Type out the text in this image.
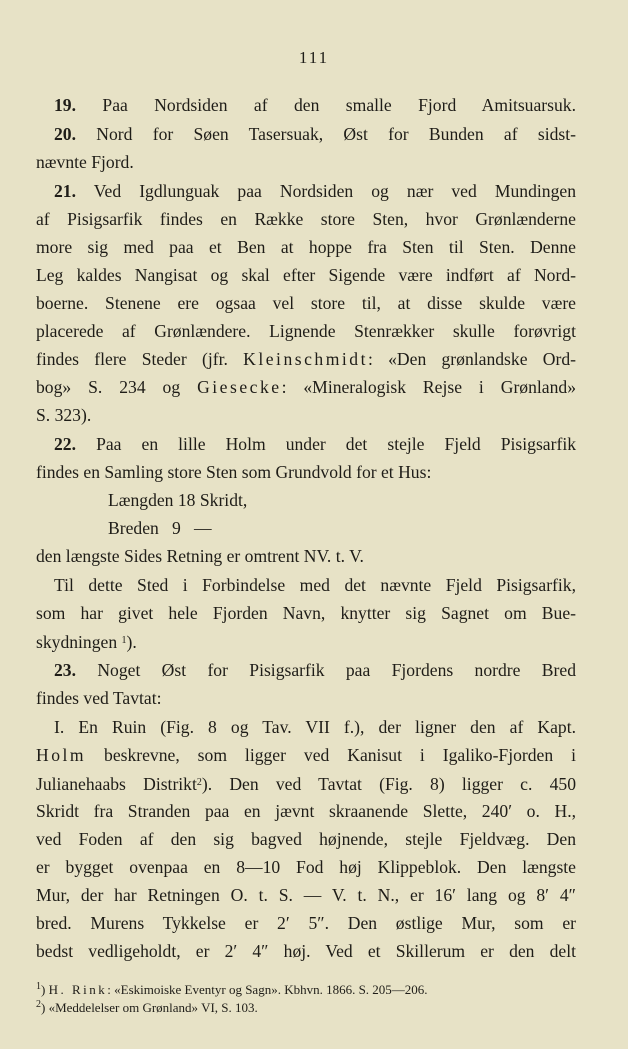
111
19. Paa Nordsiden af den smalle Fjord Amitsuarsuk.
20. Nord for Søen Tasersuak, Øst for Bunden af sidst-
nævnte Fjord.
21. Ved Igdlunguak paa Nordsiden og nær ved Mundingen
af Pisigsarfik findes en Række store Sten, hvor Grønlænderne
more sig med paa et Ben at hoppe fra Sten til Sten. Denne
Leg kaldes Nangisat og skal efter Sigende være indført af Nord-
boerne. Stenene ere ogsaa vel store til, at disse skulde være
placerede af Grønlændere. Lignende Stenrækker skulle forøvrigt
findes flere Steder (jfr. Kleinschmidt: «Den grønlandske Ord-
bog» S. 234 og Giesecke: «Mineralogisk Rejse i Grønland»
S. 323).
22. Paa en lille Holm under det stejle Fjeld Pisigsarfik
findes en Samling store Sten som Grundvold for et Hus:
Længden 18 Skridt,
Breden   9   —
den længste Sides Retning er omtrent NV. t. V.
Til dette Sted i Forbindelse med det nævnte Fjeld Pisigsarfik,
som har givet hele Fjorden Navn, knytter sig Sagnet om Bue-
skydningen $^1$).
23. Noget Øst for Pisigsarfik paa Fjordens nordre Bred
findes ved Tavtat:
I. En Ruin (Fig. 8 og Tav. VII f.), der ligner den af Kapt.
Holm beskrevne, som ligger ved Kanisut i Igaliko-Fjorden i
Julianehaabs Distrikt$^2$). Den ved Tavtat (Fig. 8) ligger c. 450
Skridt fra Stranden paa en jævnt skraanende Slette, 240′ o. H.,
ved Foden af den sig bagved højnende, stejle Fjeldvæg. Den
er bygget ovenpaa en 8—10 Fod høj Klippeblok. Den længste
Mur, der har Retningen O. t. S. — V. t. N., er 16′ lang og 8′ 4″
bred. Murens Tykkelse er 2′ 5″. Den østlige Mur, som er
bedst vedligeholdt, er 2′ 4″ høj. Ved et Skillerum er den delt
$^1$) H. Rink: «Eskimoiske Eventyr og Sagn». Kbhvn. 1866. S. 205—206.
$^2$) «Meddelelser om Grønland» VI, S. 103.
